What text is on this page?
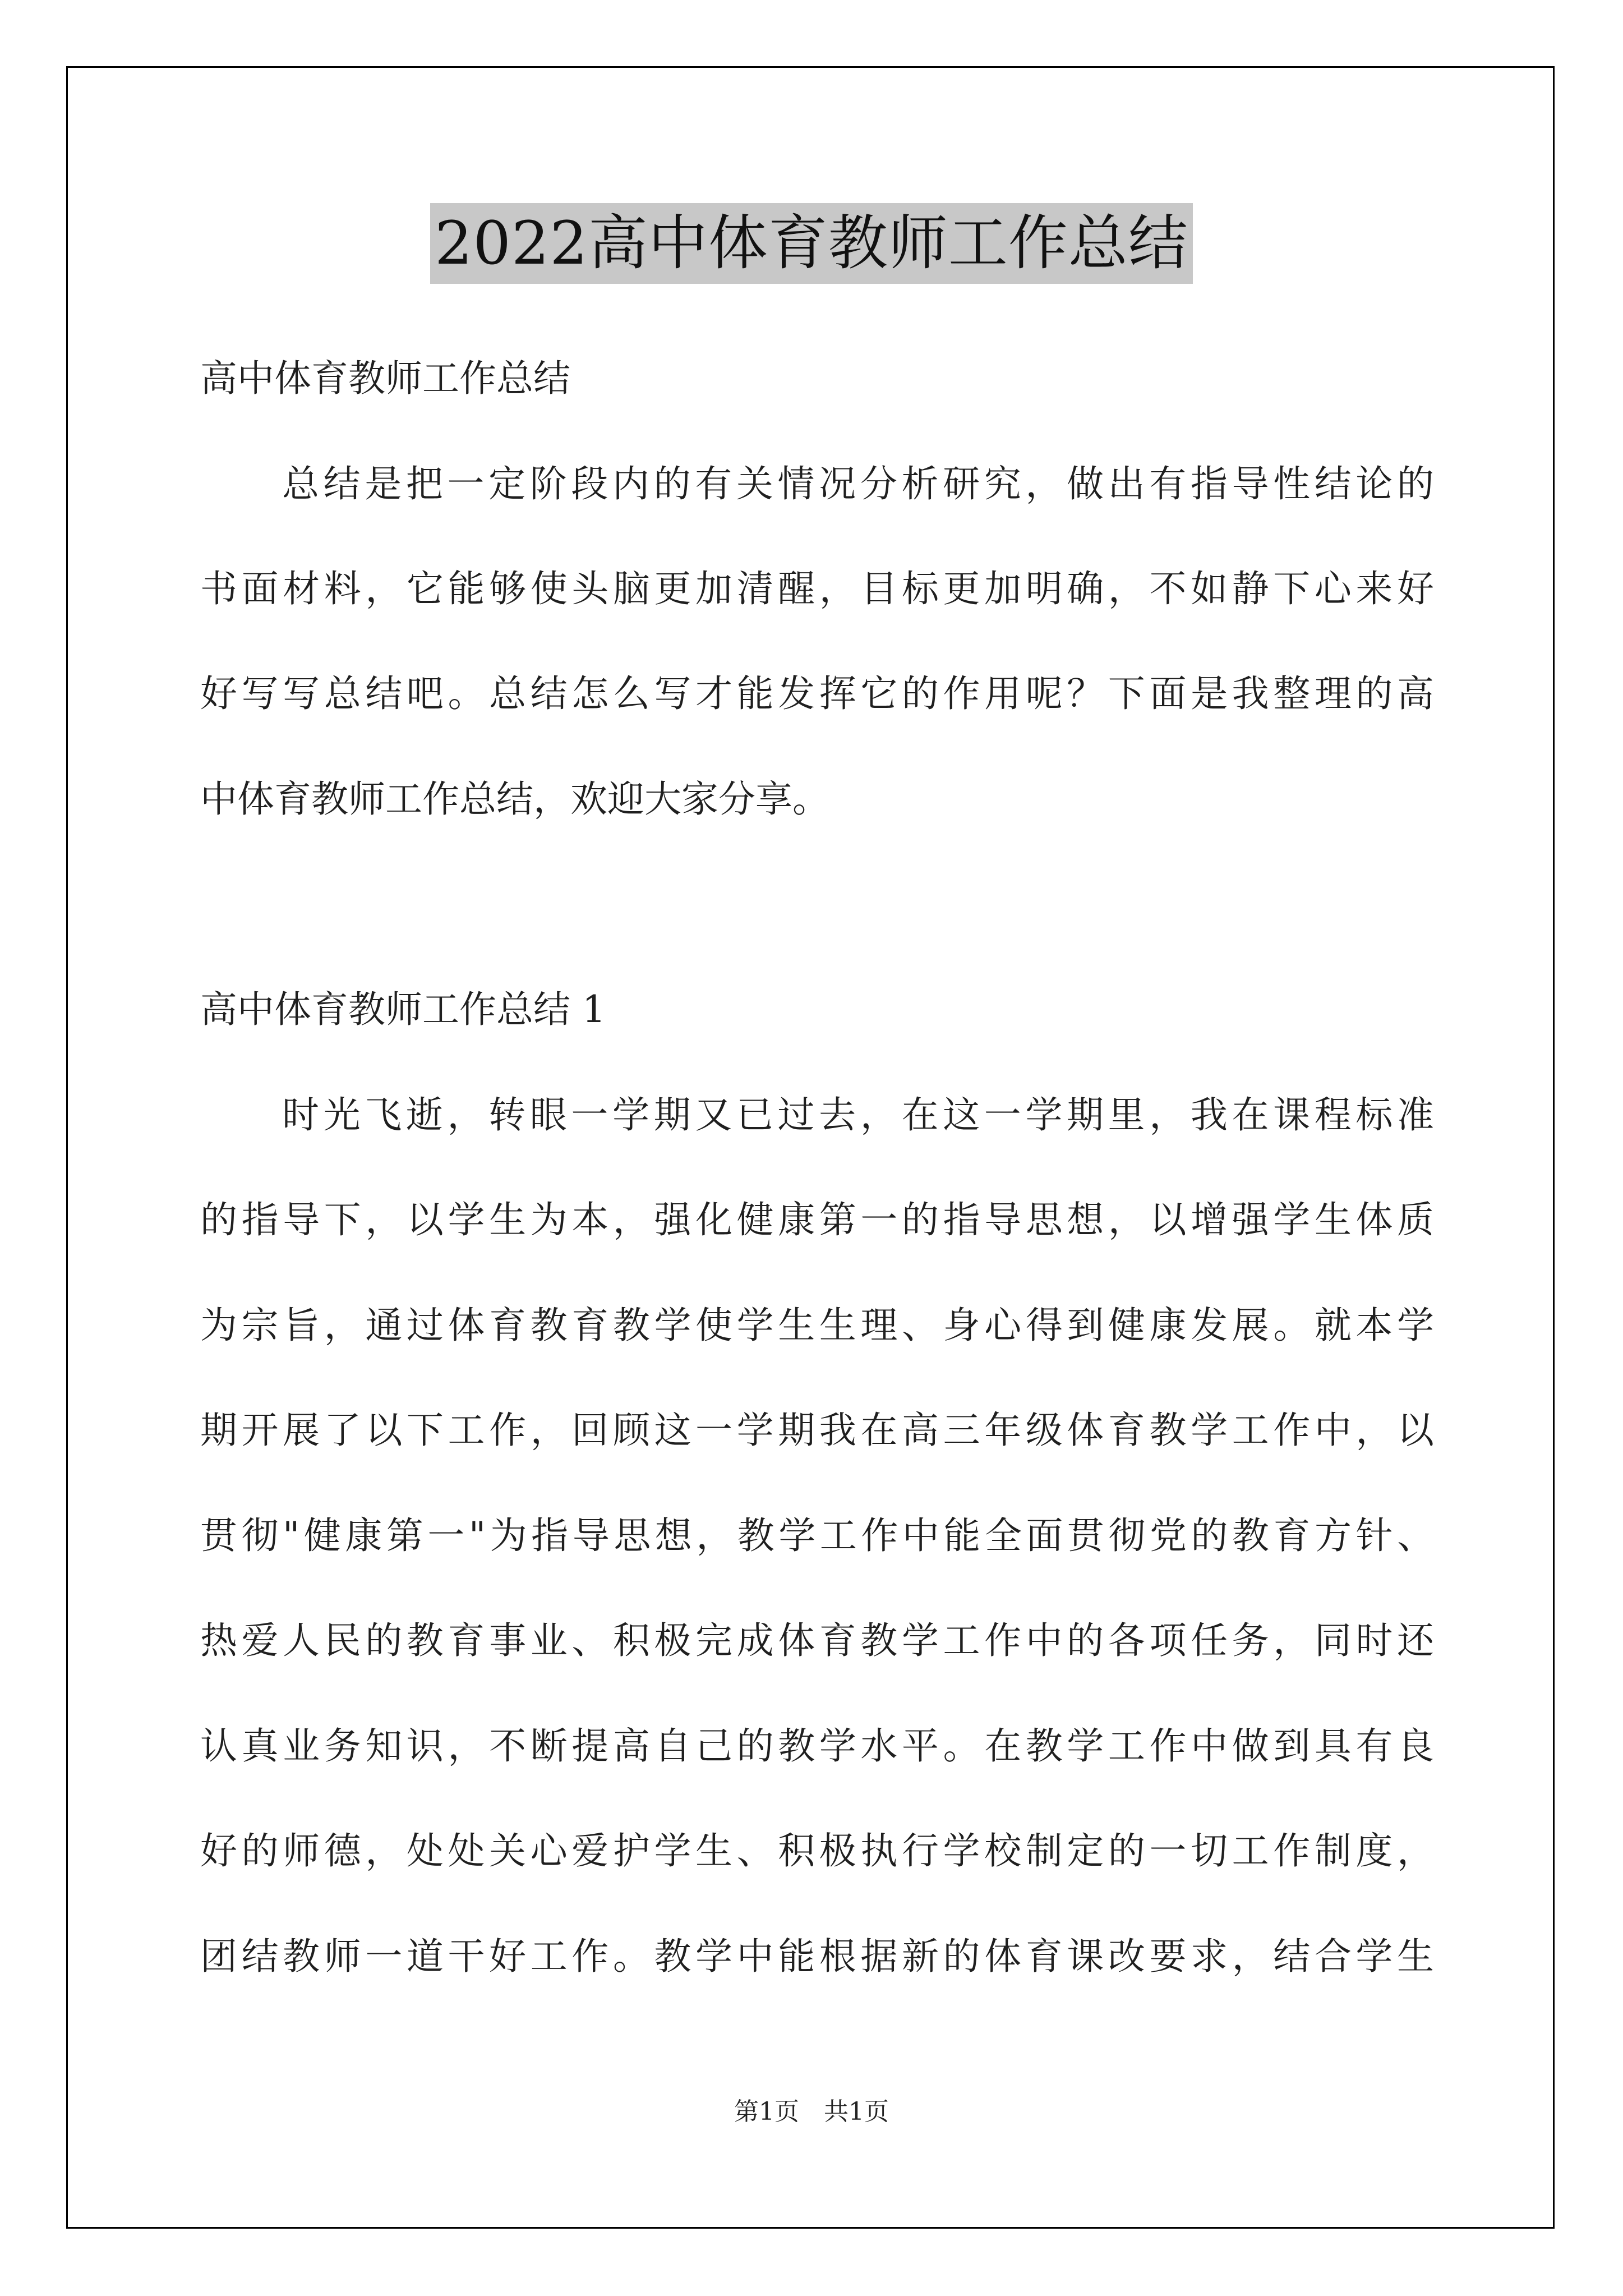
2022高中体育教师工作总结
高中体育教师工作总结
总结是把一定阶段内的有关情况分析研究，做出有指导性结论的
书面材料，它能够使头脑更加清醒，目标更加明确，不如静下心来好
好写写总结吧。总结怎么写才能发挥它的作用呢？下面是我整理的高
中体育教师工作总结，欢迎大家分享。
高中体育教师工作总结 1
时光飞逝，转眼一学期又已过去，在这一学期里，我在课程标准
的指导下，以学生为本，强化健康第一的指导思想，以增强学生体质
为宗旨，通过体育教育教学使学生生理、身心得到健康发展。就本学
期开展了以下工作，回顾这一学期我在高三年级体育教学工作中，以
贯彻"健康第一"为指导思想，教学工作中能全面贯彻党的教育方针、
热爱人民的教育事业、积极完成体育教学工作中的各项任务，同时还
认真业务知识，不断提高自己的教学水平。在教学工作中做到具有良
好的师德，处处关心爱护学生、积极执行学校制定的一切工作制度，
团结教师一道干好工作。教学中能根据新的体育课改要求，结合学生
第1页　共1页
